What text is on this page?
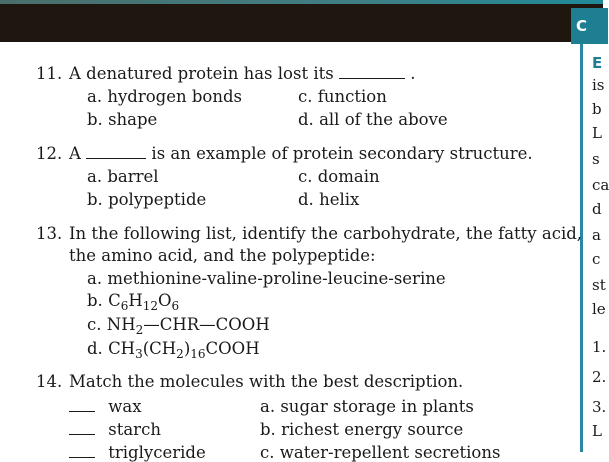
C
E
is
b
L
s
ca
d
a
c
st
le
1.
2.
3.
L
11. A denatured protein has lost its	.
a. hydrogen bonds
b. shape
c. function
d. all of the above
12. A	is an example of protein secondary structure.
a. barrel
b. polypeptide
c. domain
d. helix
13. In the following list, identify the carbohydrate, the fatty acid,
the amino acid, and the polypeptide:
a. methionine-valine-proline-leucine-serine
b. $C_6H_{12}O_6$
c. $NH_2—CHR—COOH$
d. $CH_3(CH_2)_{16}COOH$
14. Match the molecules with the best description.
wax
starch
triglyceride
a. sugar storage in plants
b. richest energy source
c. water-repellent secretions
